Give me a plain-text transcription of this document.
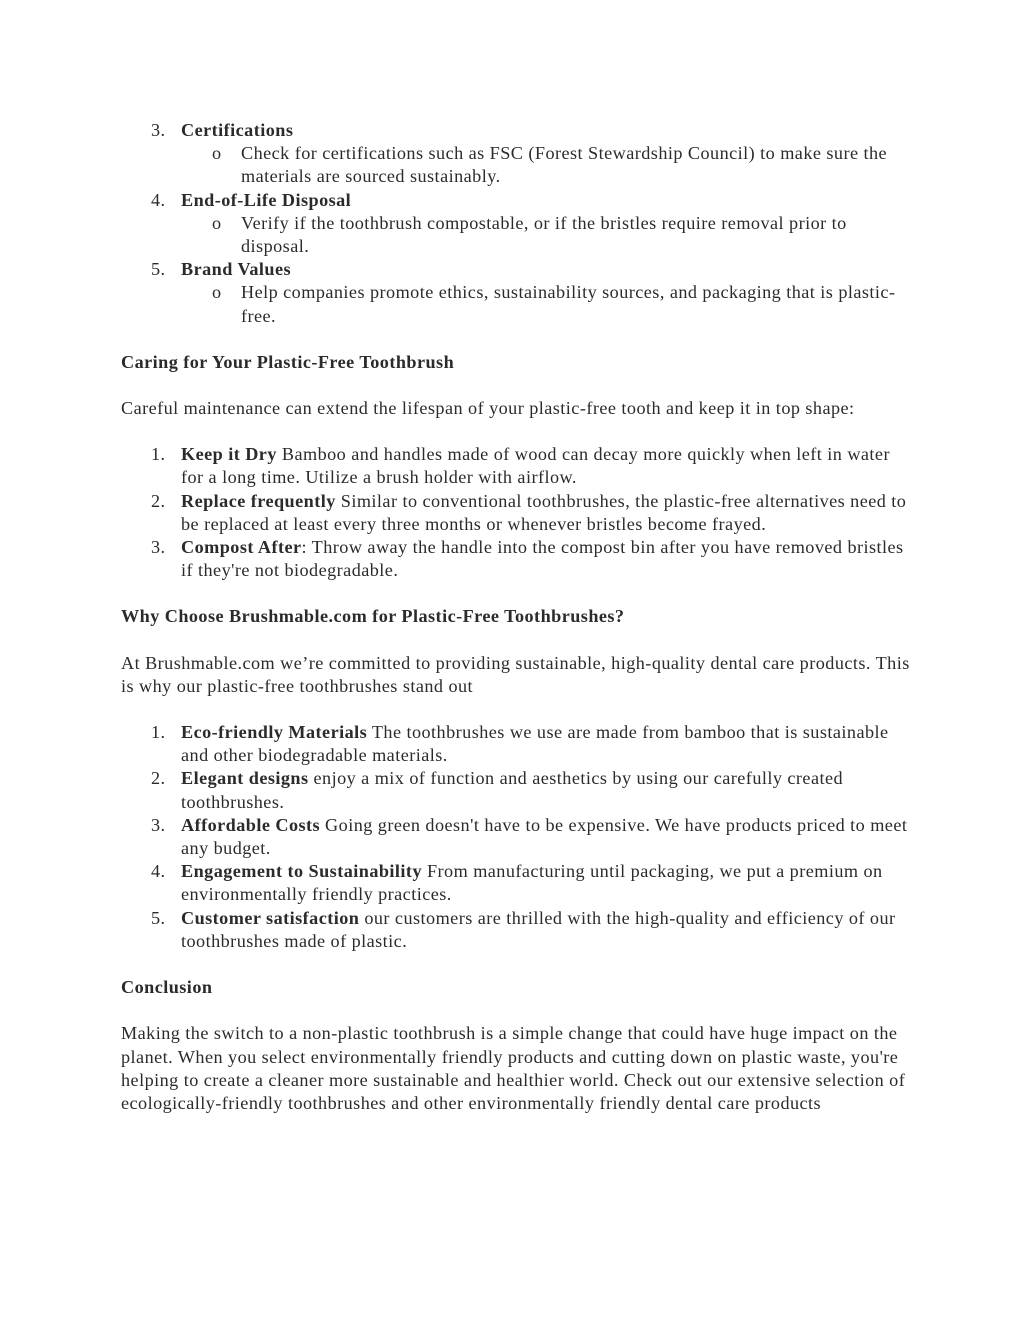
3. Certifications
o Check for certifications such as FSC (Forest Stewardship Council) to make sure the materials are sourced sustainably.
4. End-of-Life Disposal
o Verify if the toothbrush compostable, or if the bristles require removal prior to disposal.
5. Brand Values
o Help companies promote ethics, sustainability sources, and packaging that is plastic-free.

Caring for Your Plastic-Free Toothbrush

Careful maintenance can extend the lifespan of your plastic-free tooth and keep it in top shape:

1. Keep it Dry Bamboo and handles made of wood can decay more quickly when left in water for a long time. Utilize a brush holder with airflow.
2. Replace frequently Similar to conventional toothbrushes, the plastic-free alternatives need to be replaced at least every three months or whenever bristles become frayed.
3. Compost After: Throw away the handle into the compost bin after you have removed bristles if they're not biodegradable.

Why Choose Brushmable.com for Plastic-Free Toothbrushes?

At Brushmable.com we’re committed to providing sustainable, high-quality dental care products. This is why our plastic-free toothbrushes stand out

1. Eco-friendly Materials The toothbrushes we use are made from bamboo that is sustainable and other biodegradable materials.
2. Elegant designs enjoy a mix of function and aesthetics by using our carefully created toothbrushes.
3. Affordable Costs Going green doesn't have to be expensive. We have products priced to meet any budget.
4. Engagement to Sustainability From manufacturing until packaging, we put a premium on environmentally friendly practices.
5. Customer satisfaction our customers are thrilled with the high-quality and efficiency of our toothbrushes made of plastic.

Conclusion

Making the switch to a non-plastic toothbrush is a simple change that could have huge impact on the planet. When you select environmentally friendly products and cutting down on plastic waste, you're helping to create a cleaner more sustainable and healthier world. Check out our extensive selection of ecologically-friendly toothbrushes and other environmentally friendly dental care products
